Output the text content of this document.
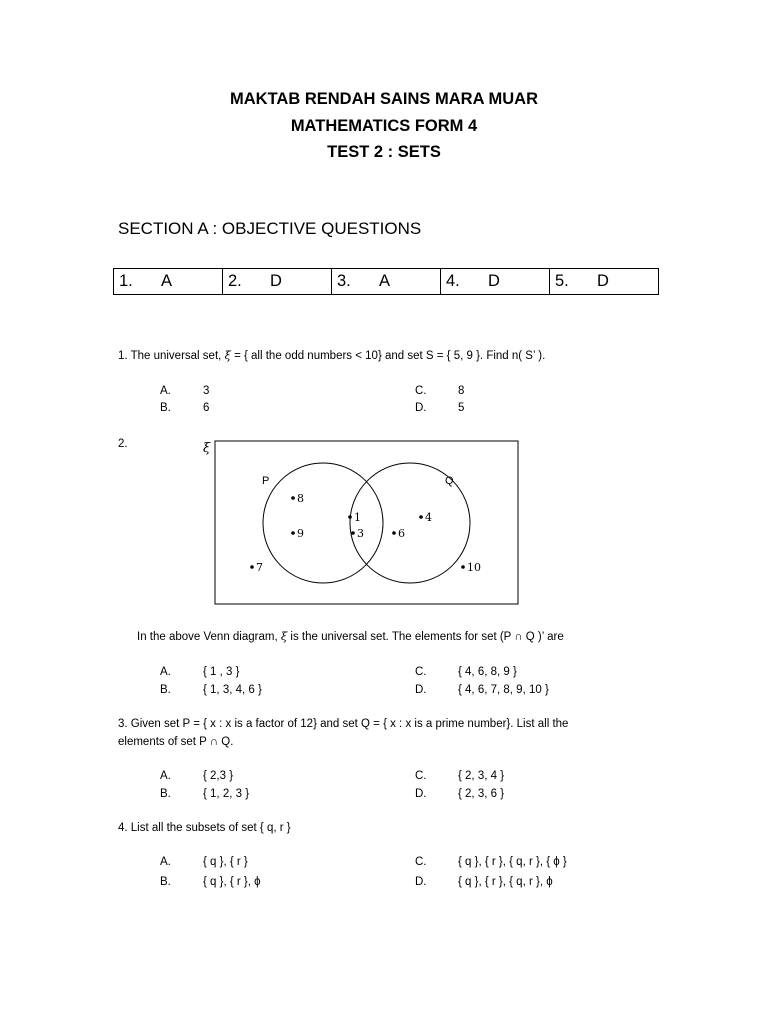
MAKTAB RENDAH SAINS MARA MUAR
MATHEMATICS FORM 4
TEST 2 : SETS
SECTION A : OBJECTIVE QUESTIONS
1.	A	2.	D	3.	A	4.	D	5.	D
1. The universal set, ξ = { all the odd numbers < 10} and set S = { 5, 9 }. Find n( S’ ).
A.	3
B.	6
C.	8
D.	5
2.	ξ
P	Q
8
9
1
3
4
6
7	10
In the above Venn diagram, ξ is the universal set. The elements for set (P ∩ Q )’ are
A.	{ 1 , 3 }
B.	{ 1, 3, 4, 6 }
C.	{ 4, 6, 8, 9 }
D.	{ 4, 6, 7, 8, 9, 10 }
3. Given set P = { x : x is a factor of 12} and set Q = { x : x is a prime number}. List all the
elements of set P ∩ Q.
A.	{ 2,3 }
B.	{ 1, 2, 3 }
C.	{ 2, 3, 4 }
D.	{ 2, 3, 6 }
4. List all the subsets of set { q, r }
A.	{ q }, { r }
B.	{ q }, { r }, ϕ
C.	{ q }, { r }, { q, r }, { ϕ }
D.	{ q }, { r }, { q, r }, ϕ
